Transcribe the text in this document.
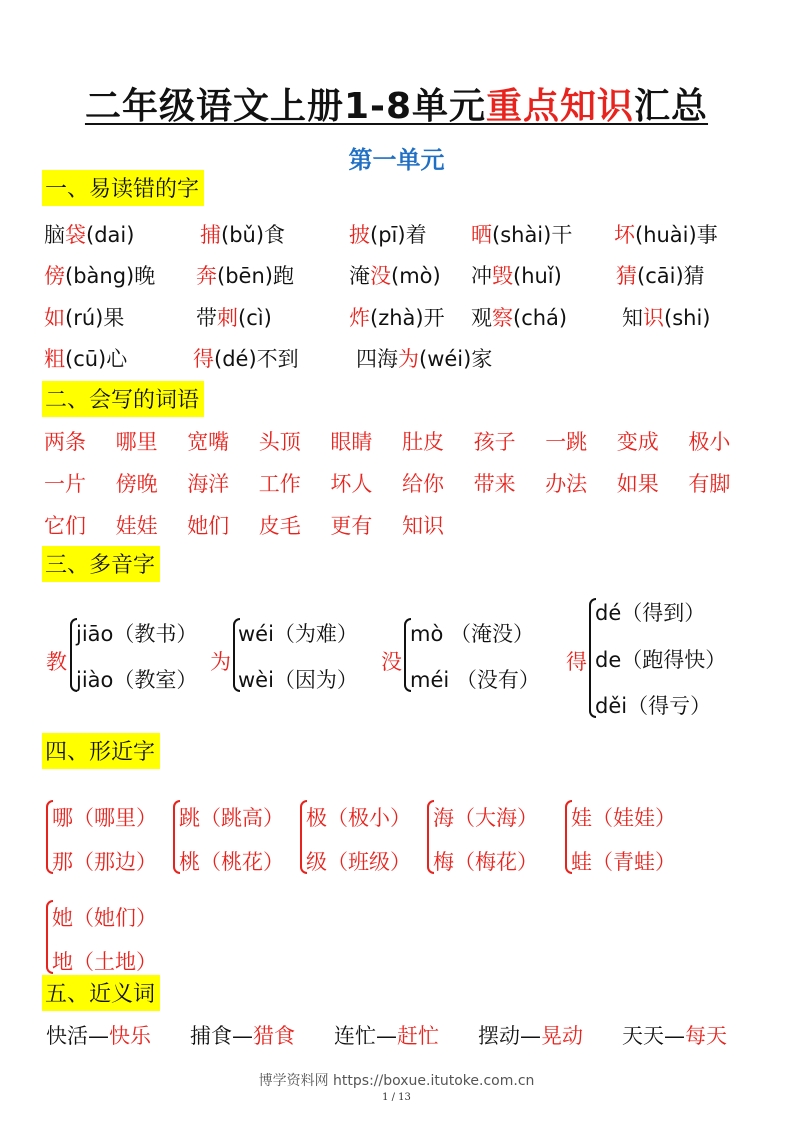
二年级语文上册1-8单元重点知识汇总
第一单元
一、易读错的字
脑袋(dai)	捕(bǔ)食	披(pī)着 晒(shài)干 坏(huài)事
傍(bàng)晚 奔(bēn)跑	淹没(mò) 冲毁(huǐ)	猜(cāi)猜
如(rú)果	带刺(cì)	炸(zhà)开 观察(chá)	知识(shi)
粗(cū)心	得(dé)不到	四海为(wéi)家
二、会写的词语
两条 哪里 宽嘴 头顶 眼睛 肚皮 孩子 一跳 变成 极小
一片 傍晚 海洋 工作 坏人 给你 带来 办法 如果 有脚
它们 娃娃 她们 皮毛 更有 知识
三、多音字
教
jiāo（教书）
jiào（教室）
为
wéi（为难）
wèi（因为）
没
mò （淹没）
méi （没有）
得
dé（得到）
de（跑得快）
děi（得亏）
四、形近字
哪（哪里）
那（那边）
跳（跳高）
桃（桃花）
极（极小）
级（班级）
海（大海）
梅（梅花）
娃（娃娃）
蛙（青蛙）
她（她们）
地（土地）
五、近义词
快活—快乐 捕食—猎食 连忙—赶忙 摆动—晃动 天天—每天
博学资料网 https://boxue.itutoke.com.cn
1 / 13
